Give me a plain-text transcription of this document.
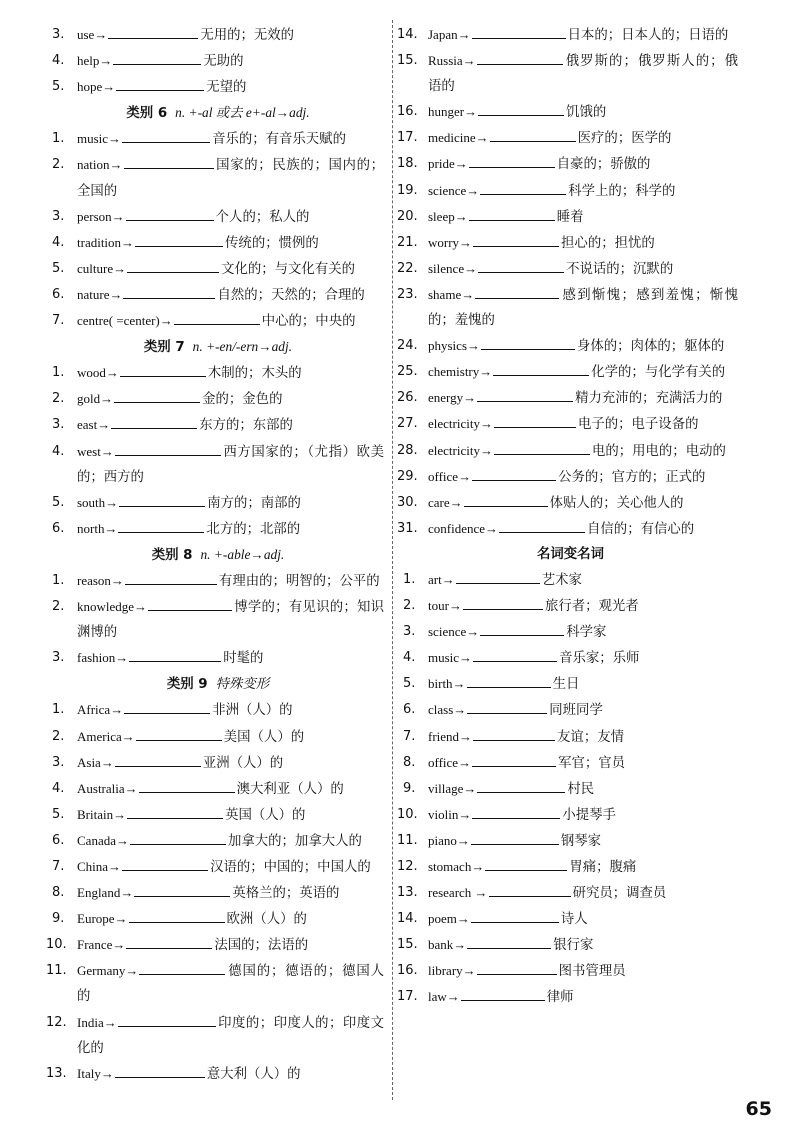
3. use→	无用的；无效的
4. help→	无助的
5. hope→	无望的
类别 6 n. +-al 或去 e+-al→adj.
1. music→	音乐的；有音乐天赋的
2. nation→	国家的；民族的；国内的；全国的
3. person→	个人的；私人的
4. tradition→	传统的；惯例的
5. culture→	文化的；与文化有关的
6. nature→	自然的；天然的；合理的
7. centre( =center)→	中心的；中央的
类别 7 n. +-en/-ern→adj.
1. wood→	木制的；木头的
2. gold→	金的；金色的
3. east→	东方的；东部的
4. west→	西方国家的；（尤指）欧美的；西方的
5. south→	南方的；南部的
6. north→	北方的；北部的
类别 8 n. +-able→adj.
1. reason→	有理由的；明智的；公平的
2. knowledge→	博学的；有见识的；知识渊博的
3. fashion→	时髦的
类别 9 特殊变形
1. Africa→	非洲（人）的
2. America→	美国（人）的
3. Asia→	亚洲（人）的
4. Australia→	澳大利亚（人）的
5. Britain→	英国（人）的
6. Canada→	加拿大的；加拿大人的
7. China→	汉语的；中国的；中国人的
8. England→	英格兰的；英语的
9. Europe→	欧洲（人）的
10. France→	法国的；法语的
11. Germany→	德国的；德语的；德国人的
12. India→	印度的；印度人的；印度文化的
13. Italy→	意大利（人）的
14. Japan→	日本的；日本人的；日语的
15. Russia→	俄罗斯的；俄罗斯人的；俄语的
16. hunger→	饥饿的
17. medicine→	医疗的；医学的
18. pride→	自豪的；骄傲的
19. science→	科学上的；科学的
20. sleep→	睡着
21. worry→	担心的；担忧的
22. silence→	不说话的；沉默的
23. shame→	感到惭愧；感到羞愧；惭愧的；羞愧的
24. physics→	身体的；肉体的；躯体的
25. chemistry→	化学的；与化学有关的
26. energy→	精力充沛的；充满活力的
27. electricity→	电子的；电子设备的
28. electricity→	电的；用电的；电动的
29. office→	公务的；官方的；正式的
30. care→	体贴人的；关心他人的
31. confidence→	自信的；有信心的
名词变名词
1. art→	艺术家
2. tour→	旅行者；观光者
3. science→	科学家
4. music→	音乐家；乐师
5. birth→	生日
6. class→	同班同学
7. friend→	友谊；友情
8. office→	军官；官员
9. village→	村民
10. violin→	小提琴手
11. piano→	钢琴家
12. stomach→	胃痛；腹痛
13. research →	研究员；调查员
14. poem→	诗人
15. bank→	银行家
16. library→	图书管理员
17. law→	律师
65
